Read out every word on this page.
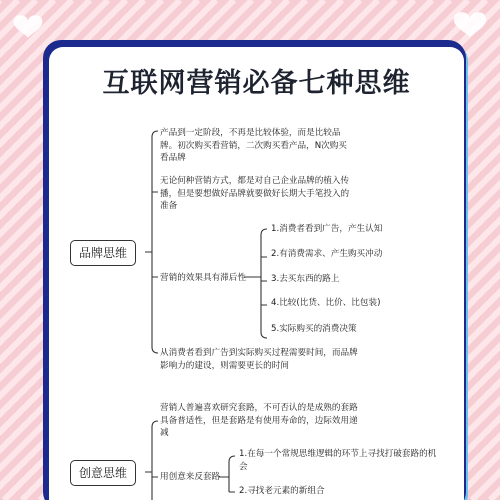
互联网营销必备七种思维
品牌思维
产品到一定阶段，不再是比较体验，而是比较品牌。初次购买看营销，二次购买看产品，N次购买看品牌
无论何种营销方式，都是对自己企业品牌的植入传播，但是要想做好品牌就要做好长期大手笔投入的准备
营销的效果具有滞后性
从消费者看到广告到实际购买过程需要时间，而品牌影响力的建设，则需要更长的时间
1.消费者看到广告，产生认知
2.有消费需求、产生购买冲动
3.去买东西的路上
4.比较(比货、比价、比包装)
5.实际购买的消费决策
创意思维
营销人普遍喜欢研究套路，不可否认的是成熟的套路具备普适性，但是套路是有使用寿命的，边际效用递减
用创意来反套路
1.在每一个常规思维逻辑的环节上寻找打破套路的机会
2.寻找老元素的新组合
